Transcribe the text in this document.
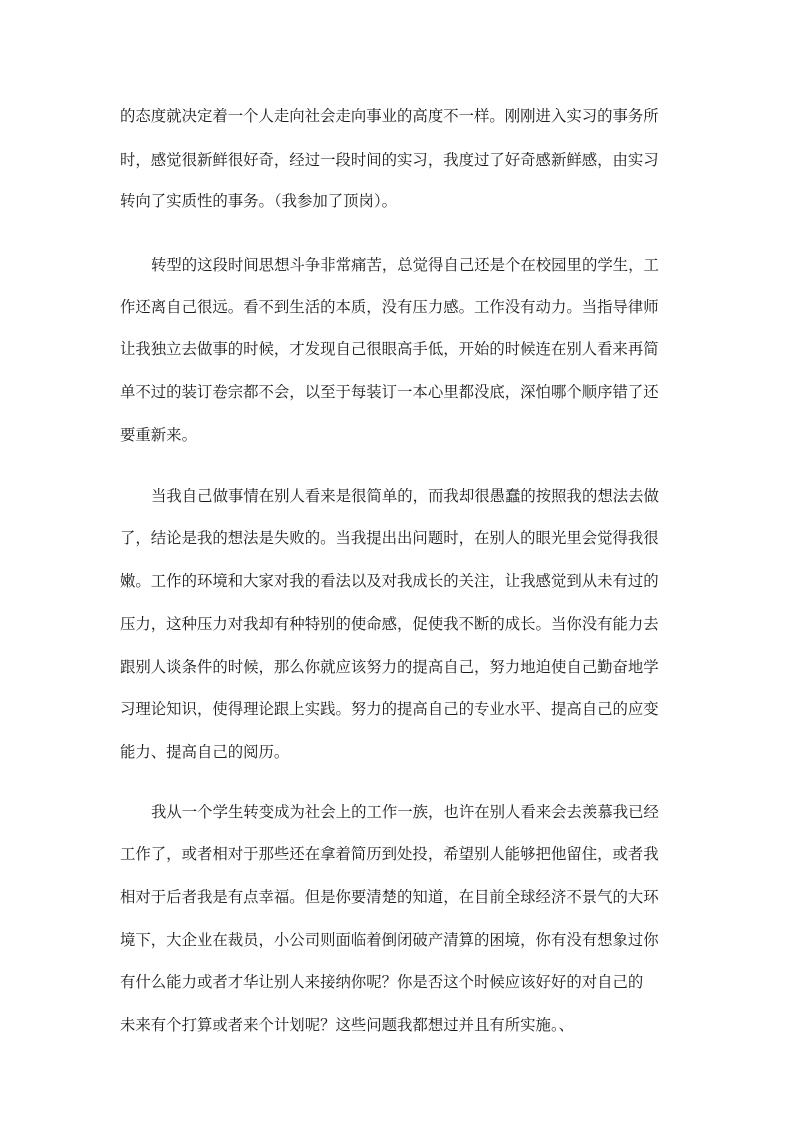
的态度就决定着一个人走向社会走向事业的高度不一样。刚刚进入实习的事务所
时，感觉很新鲜很好奇，经过一段时间的实习，我度过了好奇感新鲜感，由实习
转向了实质性的事务。（我参加了顶岗）。
转型的这段时间思想斗争非常痛苦，总觉得自己还是个在校园里的学生，工
作还离自己很远。看不到生活的本质，没有压力感。工作没有动力。当指导律师
让我独立去做事的时候，才发现自己很眼高手低，开始的时候连在别人看来再简
单不过的装订卷宗都不会，以至于每装订一本心里都没底，深怕哪个顺序错了还
要重新来。
当我自己做事情在别人看来是很简单的，而我却很愚蠢的按照我的想法去做
了，结论是我的想法是失败的。当我提出出问题时，在别人的眼光里会觉得我很
嫩。工作的环境和大家对我的看法以及对我成长的关注，让我感觉到从未有过的
压力，这种压力对我却有种特别的使命感，促使我不断的成长。当你没有能力去
跟别人谈条件的时候，那么你就应该努力的提高自己，努力地迫使自己勤奋地学
习理论知识，使得理论跟上实践。努力的提高自己的专业水平、提高自己的应变
能力、提高自己的阅历。
我从一个学生转变成为社会上的工作一族，也许在别人看来会去羡慕我已经
工作了，或者相对于那些还在拿着简历到处投，希望别人能够把他留住，或者我
相对于后者我是有点幸福。但是你要清楚的知道，在目前全球经济不景气的大环
境下，大企业在裁员，小公司则面临着倒闭破产清算的困境，你有没有想象过你
有什么能力或者才华让别人来接纳你呢？你是否这个时候应该好好的对自己的
未来有个打算或者来个计划呢？这些问题我都想过并且有所实施。、
